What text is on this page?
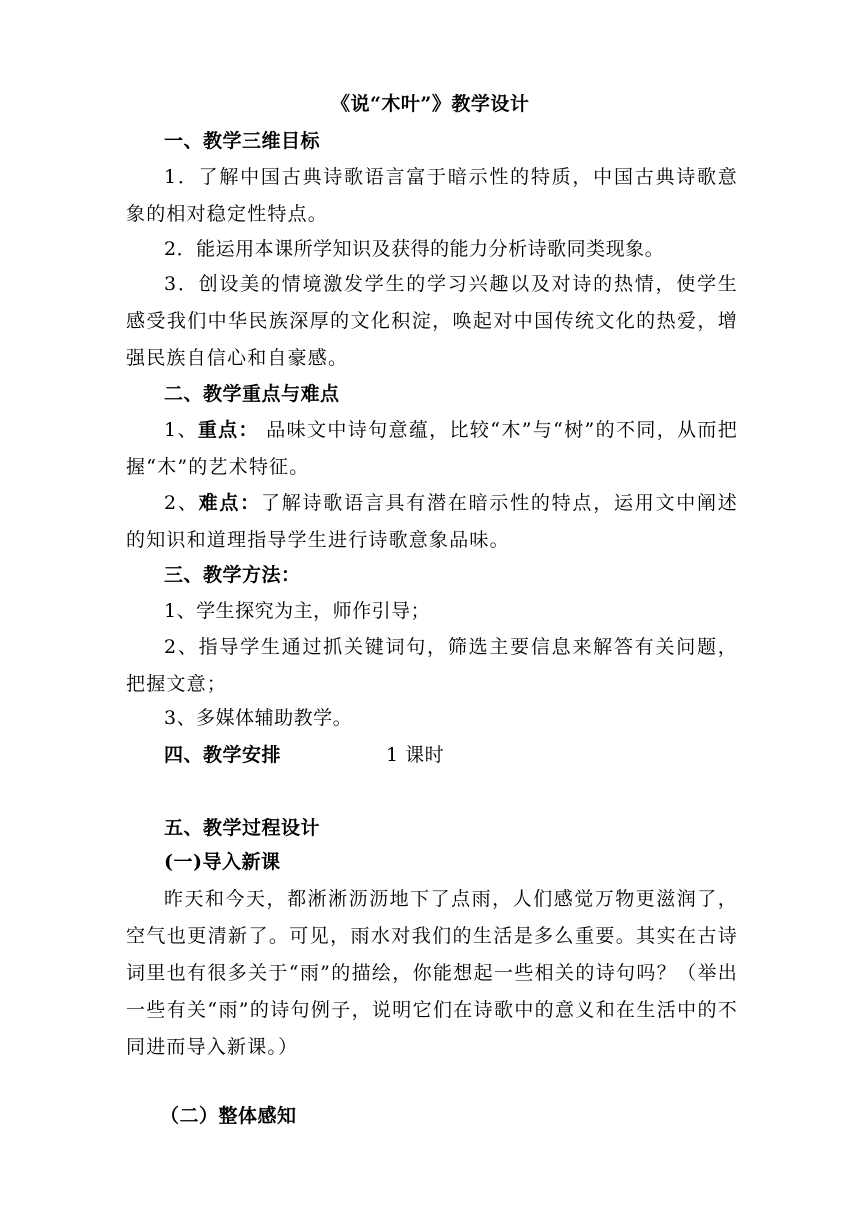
《说“木叶”》教学设计
一、教学三维目标
1．了解中国古典诗歌语言富于暗示性的特质，中国古典诗歌意象的相对稳定性特点。
2．能运用本课所学知识及获得的能力分析诗歌同类现象。
3．创设美的情境激发学生的学习兴趣以及对诗的热情，使学生感受我们中华民族深厚的文化积淀，唤起对中国传统文化的热爱，增强民族自信心和自豪感。
二、教学重点与难点
1、重点： 品味文中诗句意蕴，比较“木”与“树”的不同，从而把握“木”的艺术特征。
2、难点：了解诗歌语言具有潜在暗示性的特点，运用文中阐述的知识和道理指导学生进行诗歌意象品味。
三、教学方法：
1、学生探究为主，师作引导；
2、指导学生通过抓关键词句，筛选主要信息来解答有关问题，把握文意；
3、多媒体辅助教学。
四、教学安排	1 课时
五、教学过程设计
(一)导入新课
昨天和今天，都淅淅沥沥地下了点雨，人们感觉万物更滋润了，空气也更清新了。可见，雨水对我们的生活是多么重要。其实在古诗词里也有很多关于“雨”的描绘，你能想起一些相关的诗句吗？（举出一些有关“雨”的诗句例子，说明它们在诗歌中的意义和在生活中的不同进而导入新课。）
（二）整体感知
